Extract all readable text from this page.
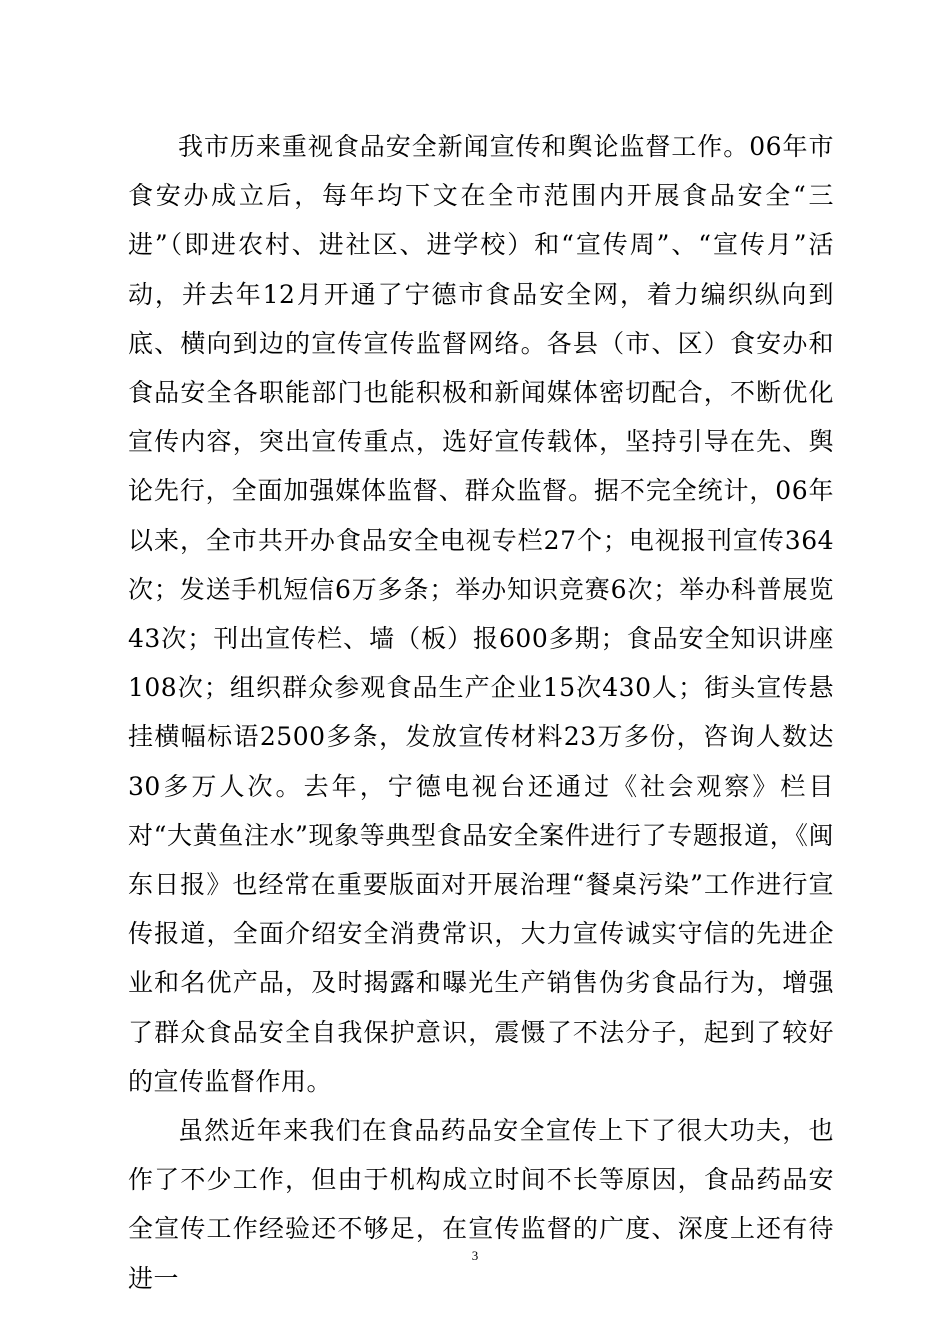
我市历来重视食品安全新闻宣传和舆论监督工作。06年市食安办成立后，每年均下文在全市范围内开展食品安全“三进”（即进农村、进社区、进学校）和“宣传周”、“宣传月”活动，并去年12月开通了宁德市食品安全网，着力编织纵向到底、横向到边的宣传宣传监督网络。各县（市、区）食安办和食品安全各职能部门也能积极和新闻媒体密切配合，不断优化宣传内容，突出宣传重点，选好宣传载体，坚持引导在先、舆论先行，全面加强媒体监督、群众监督。据不完全统计，06年以来，全市共开办食品安全电视专栏27个；电视报刊宣传364次；发送手机短信6万多条；举办知识竞赛6次；举办科普展览43次；刊出宣传栏、墙（板）报600多期；食品安全知识讲座108次；组织群众参观食品生产企业15次430人；街头宣传悬挂横幅标语2500多条，发放宣传材料23万多份，咨询人数达30多万人次。去年，宁德电视台还通过《社会观察》栏目对“大黄鱼注水”现象等典型食品安全案件进行了专题报道，《闽东日报》也经常在重要版面对开展治理“餐桌污染”工作进行宣传报道，全面介绍安全消费常识，大力宣传诚实守信的先进企业和名优产品，及时揭露和曝光生产销售伪劣食品行为，增强了群众食品安全自我保护意识，震慑了不法分子，起到了较好的宣传监督作用。

虽然近年来我们在食品药品安全宣传上下了很大功夫，也作了不少工作，但由于机构成立时间不长等原因，食品药品安全宣传工作经验还不够足，在宣传监督的广度、深度上还有待进一

3
